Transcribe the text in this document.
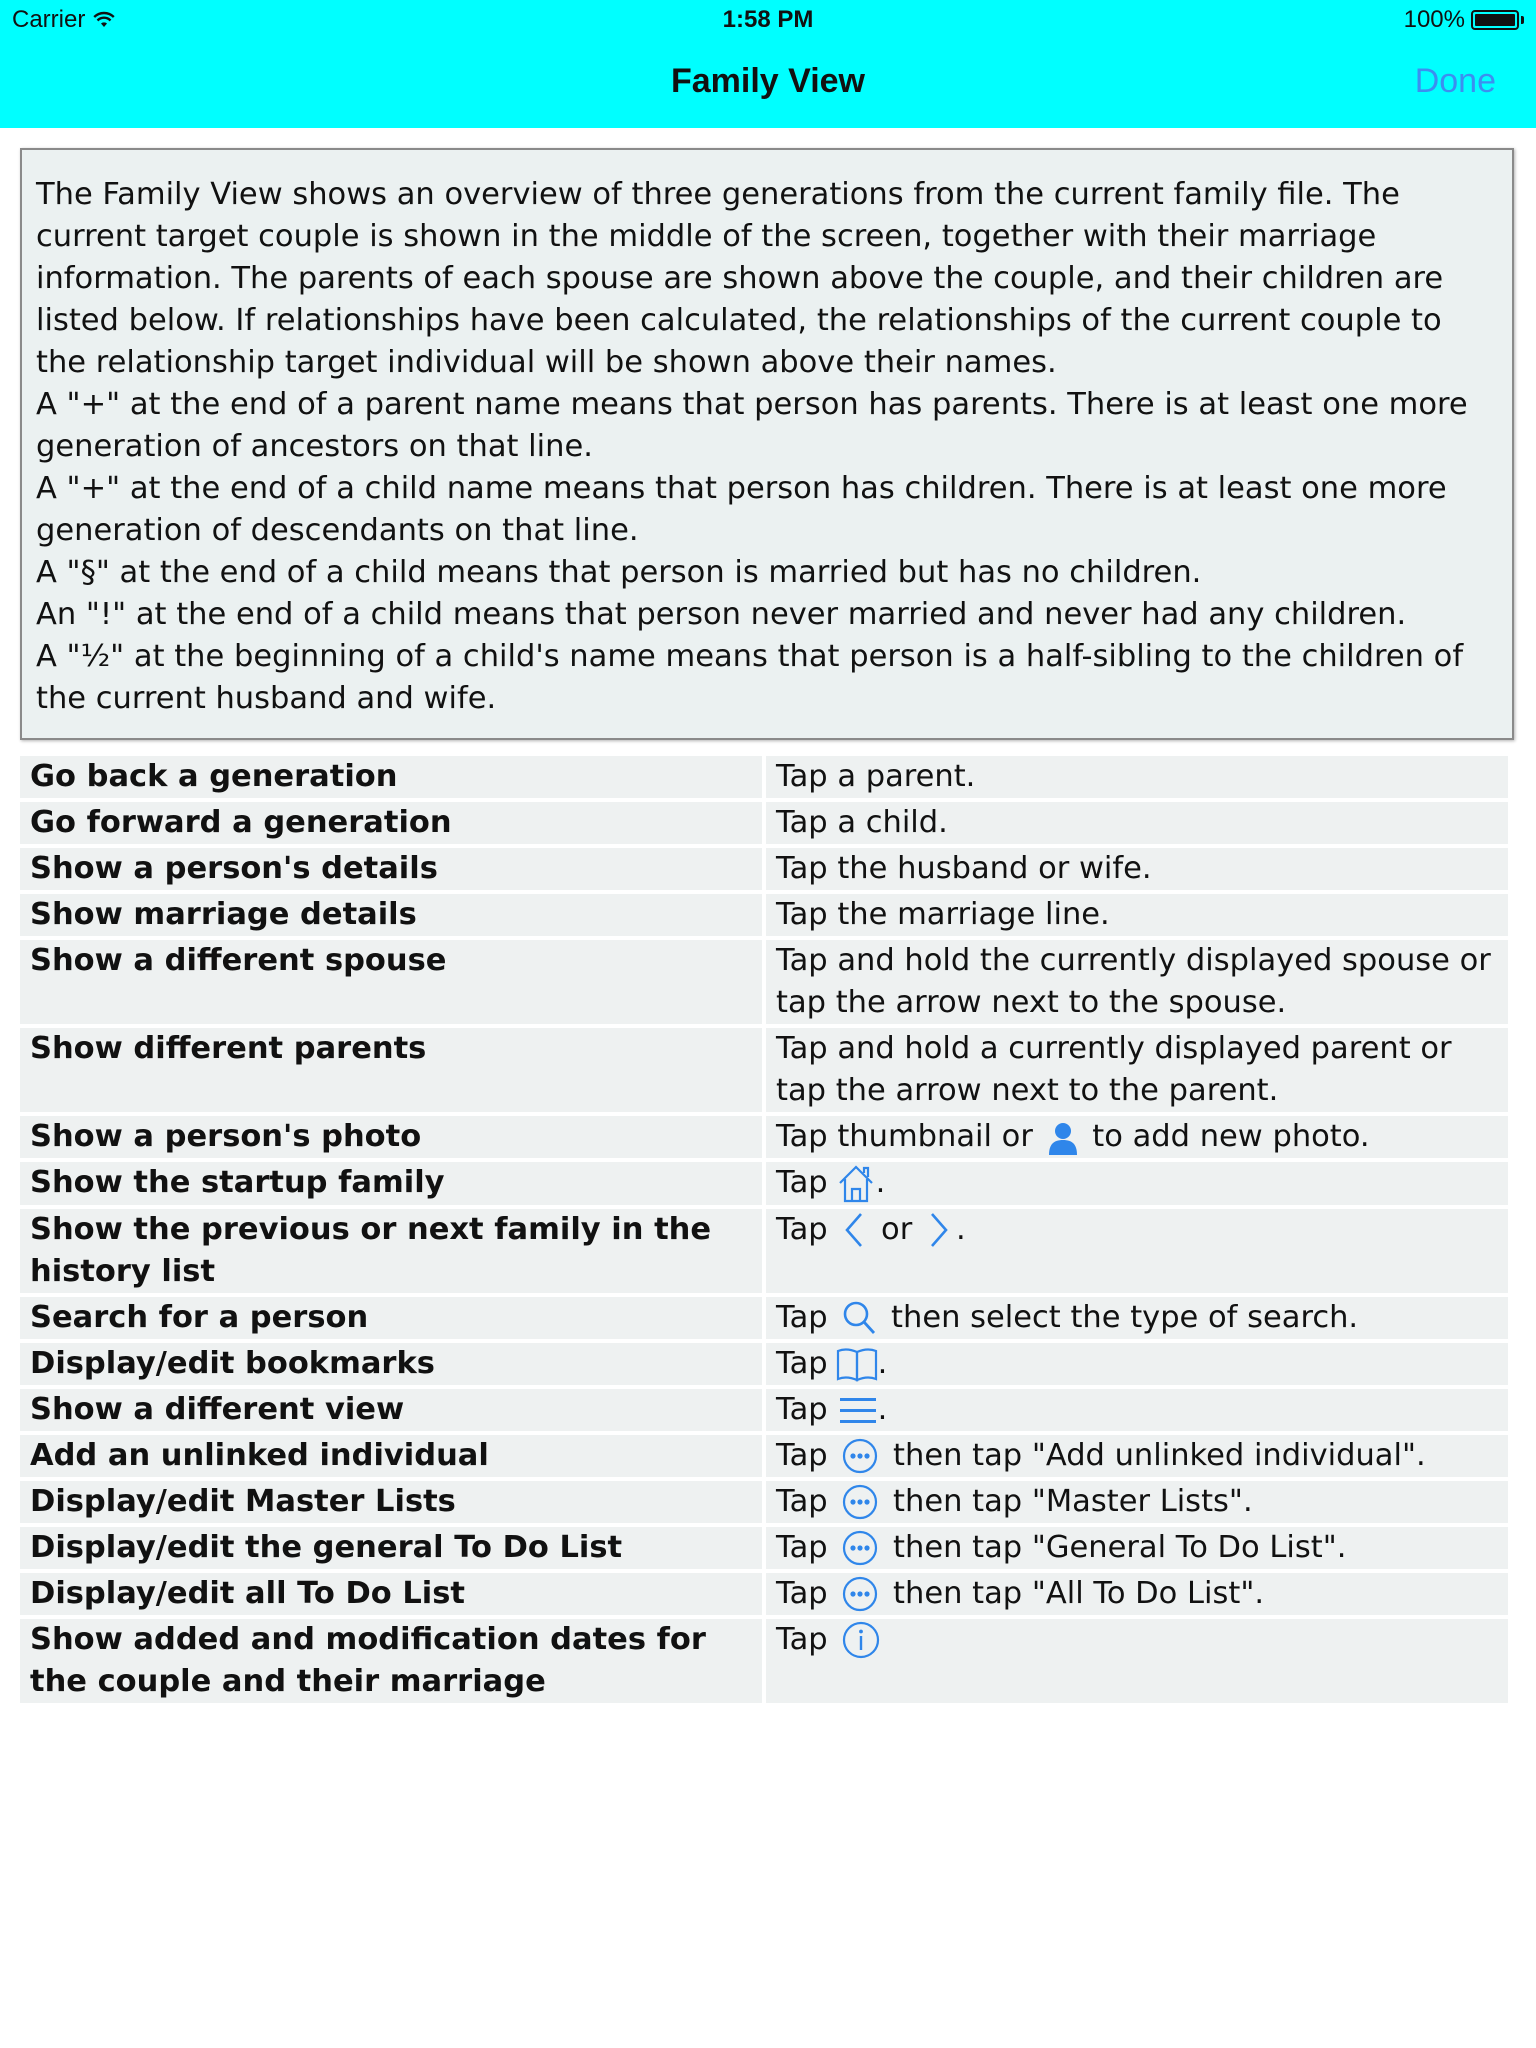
Carrier	1:58 PM	100%
Family View	Done

The Family View shows an overview of three generations from the current family file. The current target couple is shown in the middle of the screen, together with their marriage information. The parents of each spouse are shown above the couple, and their children are listed below. If relationships have been calculated, the relationships of the current couple to the relationship target individual will be shown above their names.

A "+" at the end of a parent name means that person has parents. There is at least one more generation of ancestors on that line.

A "+" at the end of a child name means that person has children. There is at least one more generation of descendants on that line.

A "§" at the end of a child means that person is married but has no children.

An "!" at the end of a child means that person never married and never had any children.

A "½" at the beginning of a child's name means that person is a half-sibling to the children of the current husband and wife.

Go back a generation	Tap a parent.
Go forward a generation	Tap a child.
Show a person's details	Tap the husband or wife.
Show marriage details	Tap the marriage line.
Show a different spouse	Tap and hold the currently displayed spouse or tap the arrow next to the spouse.
Show different parents	Tap and hold a currently displayed parent or tap the arrow next to the parent.
Show a person's photo	Tap thumbnail or to add new photo.
Show the startup family	Tap .
Show the previous or next family in the history list	Tap or .
Search for a person	Tap then select the type of search.
Display/edit bookmarks	Tap .
Show a different view	Tap .
Add an unlinked individual	Tap then tap "Add unlinked individual".
Display/edit Master Lists	Tap then tap "Master Lists".
Display/edit the general To Do List	Tap then tap "General To Do List".
Display/edit all To Do List	Tap then tap "All To Do List".
Show added and modification dates for the couple and their marriage	Tap
